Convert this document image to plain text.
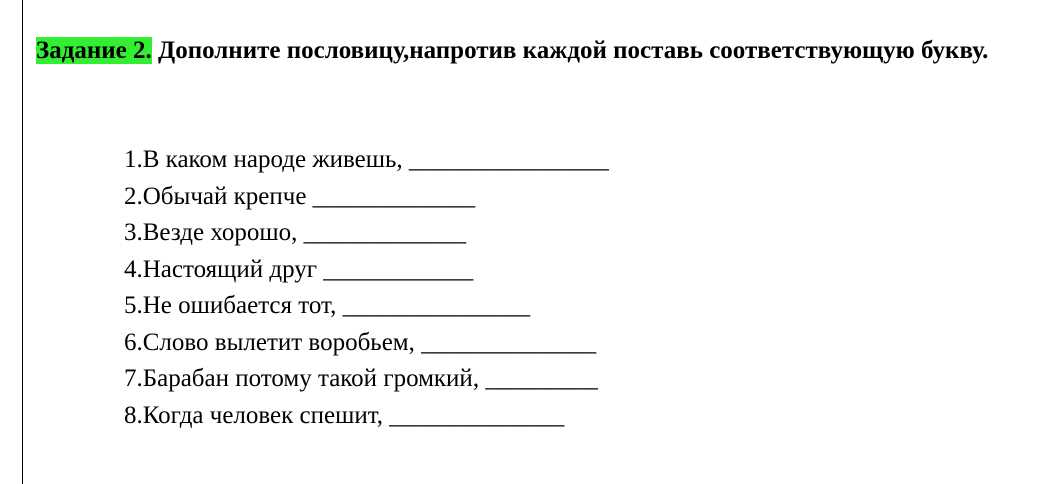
Задание 2. Дополните пословицу,напротив каждой поставь соответствующую букву.
1.В каком народе живешь, ________________
2.Обычай крепче _____________
3.Везде хорошо, _____________
4.Настоящий друг ____________
5.Не ошибается тот, _______________
6.Слово вылетит воробьем, ______________
7.Барабан потому такой громкий, _________
8.Когда человек спешит, ______________
